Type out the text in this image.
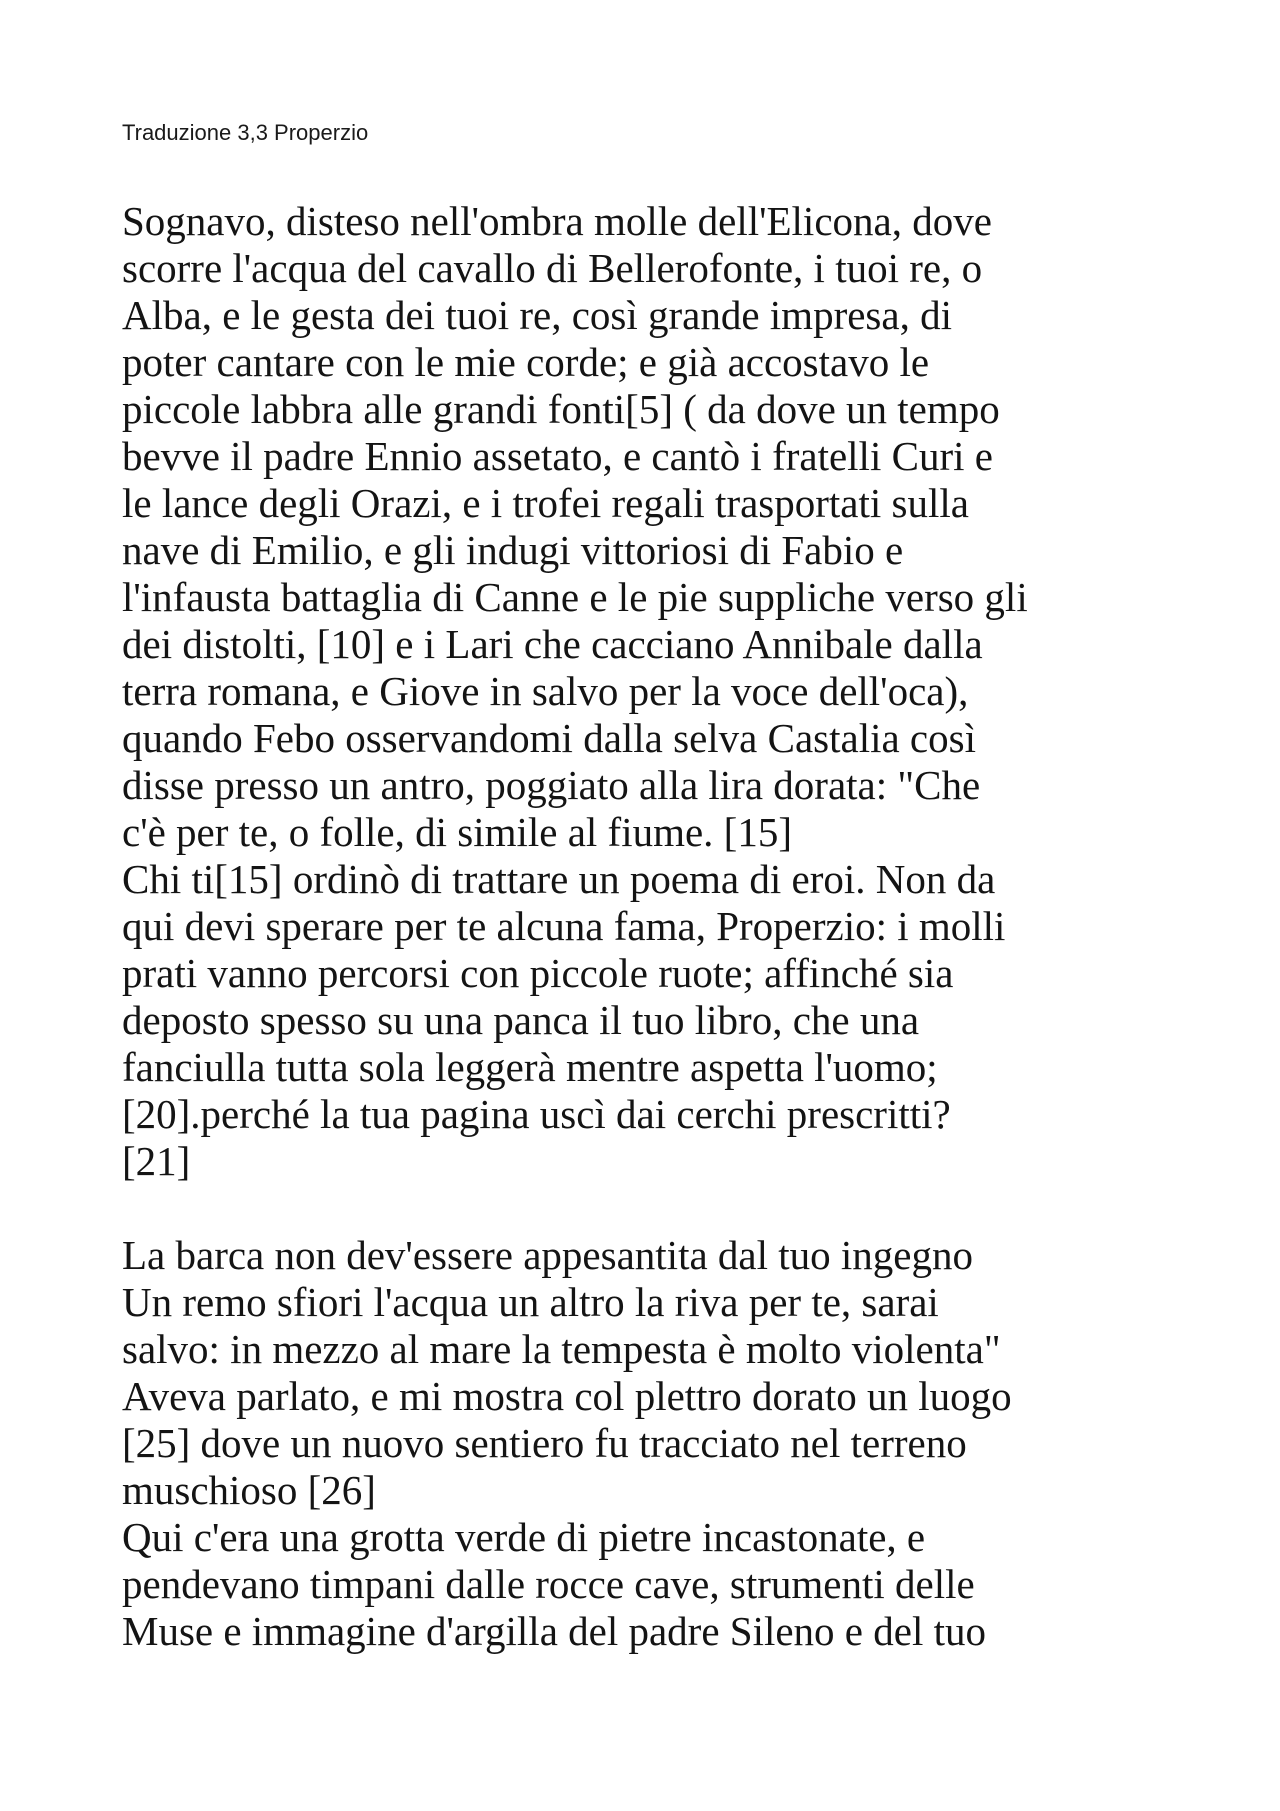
Traduzione 3,3 Properzio
Sognavo, disteso nell'ombra molle dell'Elicona, dove
scorre l'acqua del cavallo di Bellerofonte, i tuoi re, o
Alba, e le gesta dei tuoi re, così grande impresa, di
poter cantare con le mie corde; e già accostavo le
piccole labbra alle grandi fonti[5] ( da dove un tempo
bevve il padre Ennio assetato, e cantò i fratelli Curi e
le lance degli Orazi, e i trofei regali trasportati sulla
nave di Emilio, e gli indugi vittoriosi di Fabio e
l'infausta battaglia di Canne e le pie suppliche verso gli
dei distolti, [10] e i Lari che cacciano Annibale dalla
terra romana, e Giove in salvo per la voce dell'oca),
quando Febo osservandomi dalla selva Castalia così
disse presso un antro, poggiato alla lira dorata: "Che
c'è per te, o folle, di simile al fiume. [15]
Chi ti[15] ordinò di trattare un poema di eroi. Non da
qui devi sperare per te alcuna fama, Properzio: i molli
prati vanno percorsi con piccole ruote; affinché sia
deposto spesso su una panca il tuo libro, che una
fanciulla tutta sola leggerà mentre aspetta l'uomo;
[20].perché la tua pagina uscì dai cerchi prescritti?
[21]
La barca non dev'essere appesantita dal tuo ingegno
Un remo sfiori l'acqua un altro la riva per te, sarai
salvo: in mezzo al mare la tempesta è molto violenta"
Aveva parlato, e mi mostra col plettro dorato un luogo
[25] dove un nuovo sentiero fu tracciato nel terreno
muschioso [26]
Qui c'era una grotta verde di pietre incastonate, e
pendevano timpani dalle rocce cave, strumenti delle
Muse e immagine d'argilla del padre Sileno e del tuo
